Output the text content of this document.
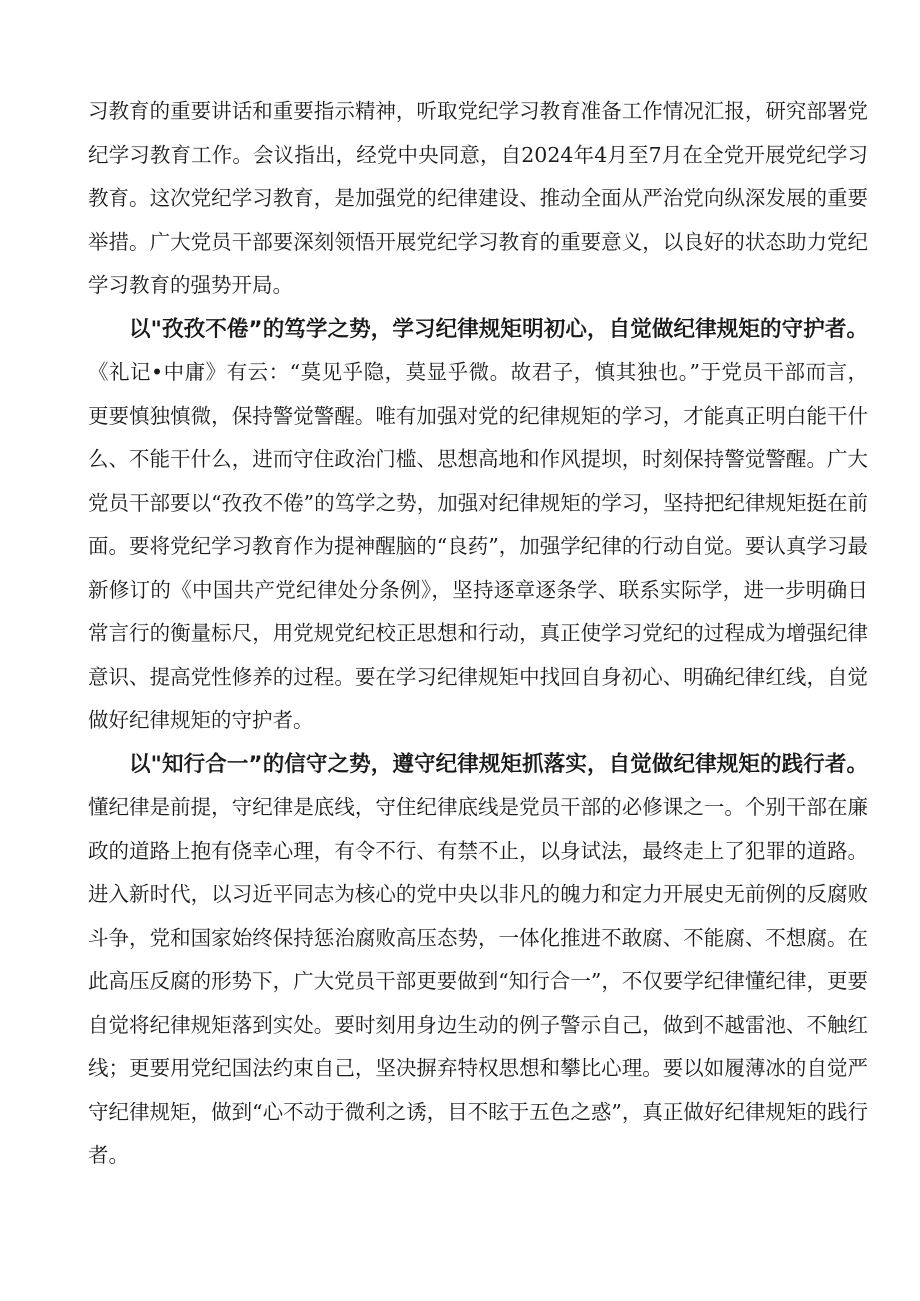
习教育的重要讲话和重要指示精神，听取党纪学习教育准备工作情况汇报，研究部署党纪学习教育工作。会议指出，经党中央同意，自2024年4月至7月在全党开展党纪学习教育。这次党纪学习教育，是加强党的纪律建设、推动全面从严治党向纵深发展的重要举措。广大党员干部要深刻领悟开展党纪学习教育的重要意义，以良好的状态助力党纪学习教育的强势开局。

以"孜孜不倦”的笃学之势，学习纪律规矩明初心，自觉做纪律规矩的守护者。《礼记•中庸》有云：“莫见乎隐，莫显乎微。故君子，慎其独也。”于党员干部而言，更要慎独慎微，保持警觉警醒。唯有加强对党的纪律规矩的学习，才能真正明白能干什么、不能干什么，进而守住政治门槛、思想高地和作风提坝，时刻保持警觉警醒。广大党员干部要以“孜孜不倦”的笃学之势，加强对纪律规矩的学习，坚持把纪律规矩挺在前面。要将党纪学习教育作为提神醒脑的“良药”，加强学纪律的行动自觉。要认真学习最新修订的《中国共产党纪律处分条例》，坚持逐章逐条学、联系实际学，进一步明确日常言行的衡量标尺，用党规党纪校正思想和行动，真正使学习党纪的过程成为增强纪律意识、提高党性修养的过程。要在学习纪律规矩中找回自身初心、明确纪律红线，自觉做好纪律规矩的守护者。

以"知行合一”的信守之势，遵守纪律规矩抓落实，自觉做纪律规矩的践行者。懂纪律是前提，守纪律是底线，守住纪律底线是党员干部的必修课之一。个别干部在廉政的道路上抱有侥幸心理，有令不行、有禁不止，以身试法，最终走上了犯罪的道路。进入新时代，以习近平同志为核心的党中央以非凡的魄力和定力开展史无前例的反腐败斗争，党和国家始终保持惩治腐败高压态势，一体化推进不敢腐、不能腐、不想腐。在此高压反腐的形势下，广大党员干部更要做到“知行合一”，不仅要学纪律懂纪律，更要自觉将纪律规矩落到实处。要时刻用身边生动的例子警示自己，做到不越雷池、不触红线；更要用党纪国法约束自己，坚决摒弃特权思想和攀比心理。要以如履薄冰的自觉严守纪律规矩，做到“心不动于微利之诱，目不眩于五色之惑”，真正做好纪律规矩的践行者。
